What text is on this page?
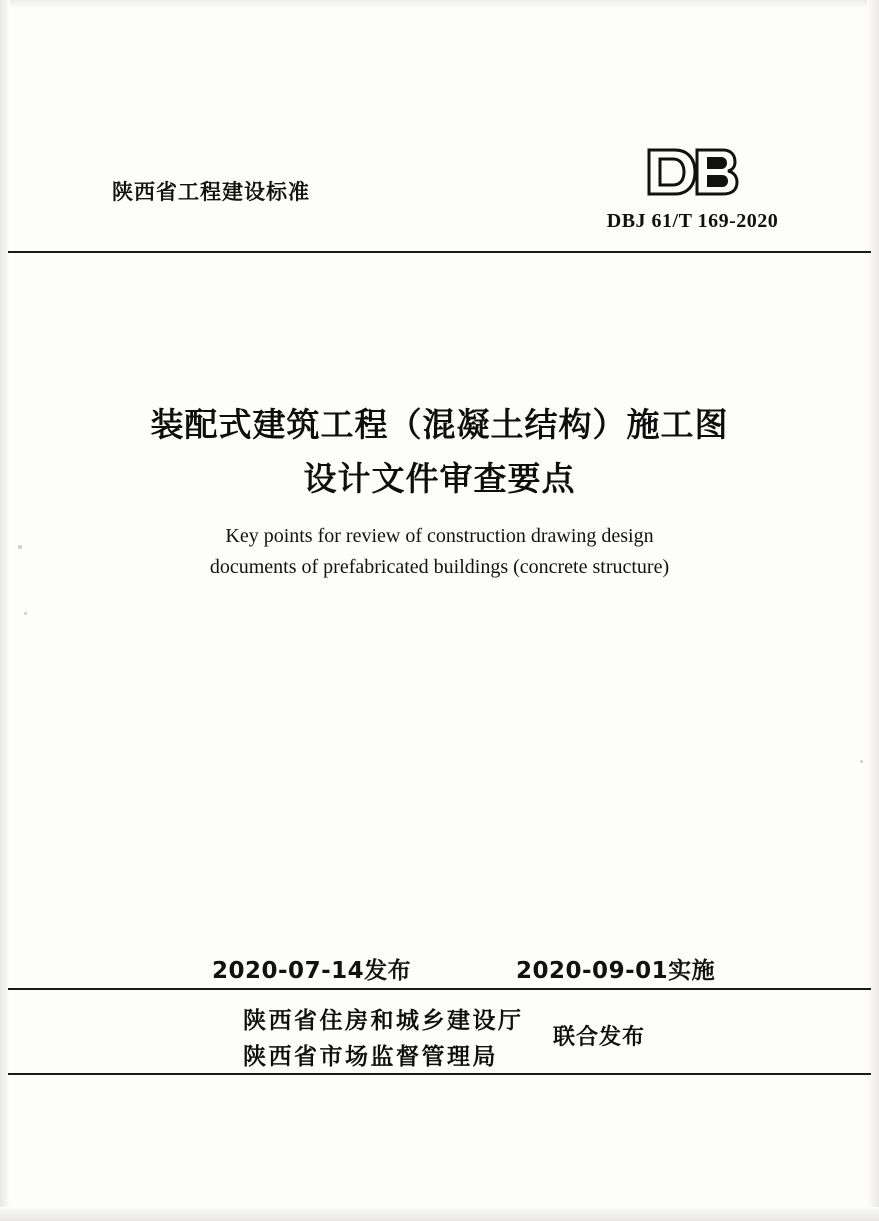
陕西省工程建设标准
DBJ 61/T 169-2020
装配式建筑工程（混凝土结构）施工图
设计文件审查要点
Key points for review of construction drawing design
documents of prefabricated buildings (concrete structure)
2020-07-14发布	2020-09-01实施
陕西省住房和城乡建设厅
陕西省市场监督管理局
联合发布
